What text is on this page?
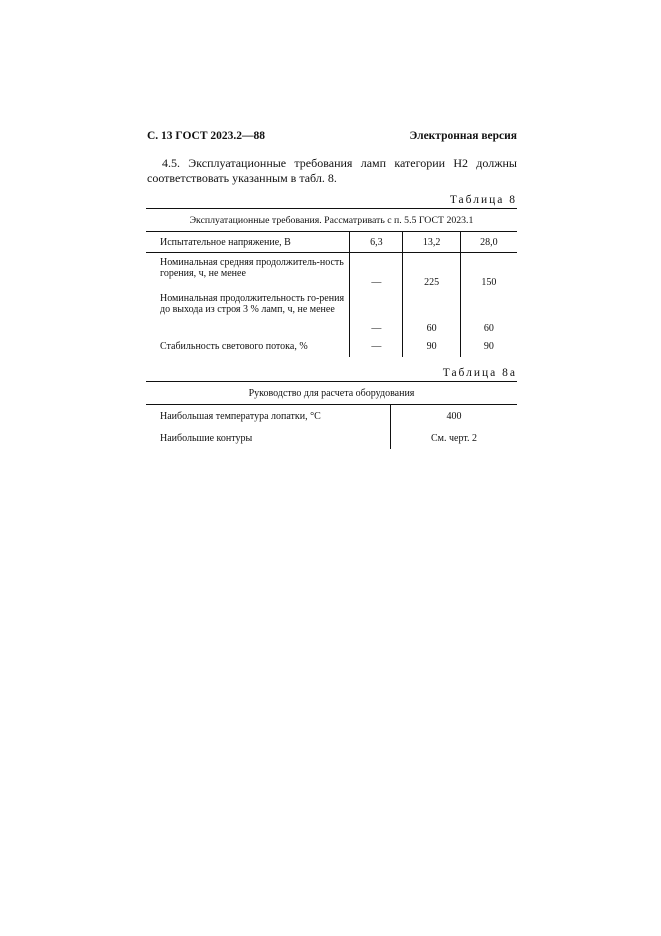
С. 13 ГОСТ 2023.2—88	Электронная версия
4.5. Эксплуатационные требования ламп категории Н2 должны соответствовать указанным в табл. 8.
Таблица 8
Эксплуатационные требования. Рассматривать с п. 5.5 ГОСТ 2023.1			
Испытательное напряжение, В	6,3	13,2	28,0
Номинальная средняя продолжитель-ность горения, ч, не менее	—	225	150
Номинальная продолжительность го-рения до выхода из строя 3 % ламп, ч, не менее	—	60	60
Стабильность светового потока, %	—	90	90
Таблица 8а
Руководство для расчета оборудования	
Наибольшая температура лопатки, °С	400
Наибольшие контуры	См. черт. 2
